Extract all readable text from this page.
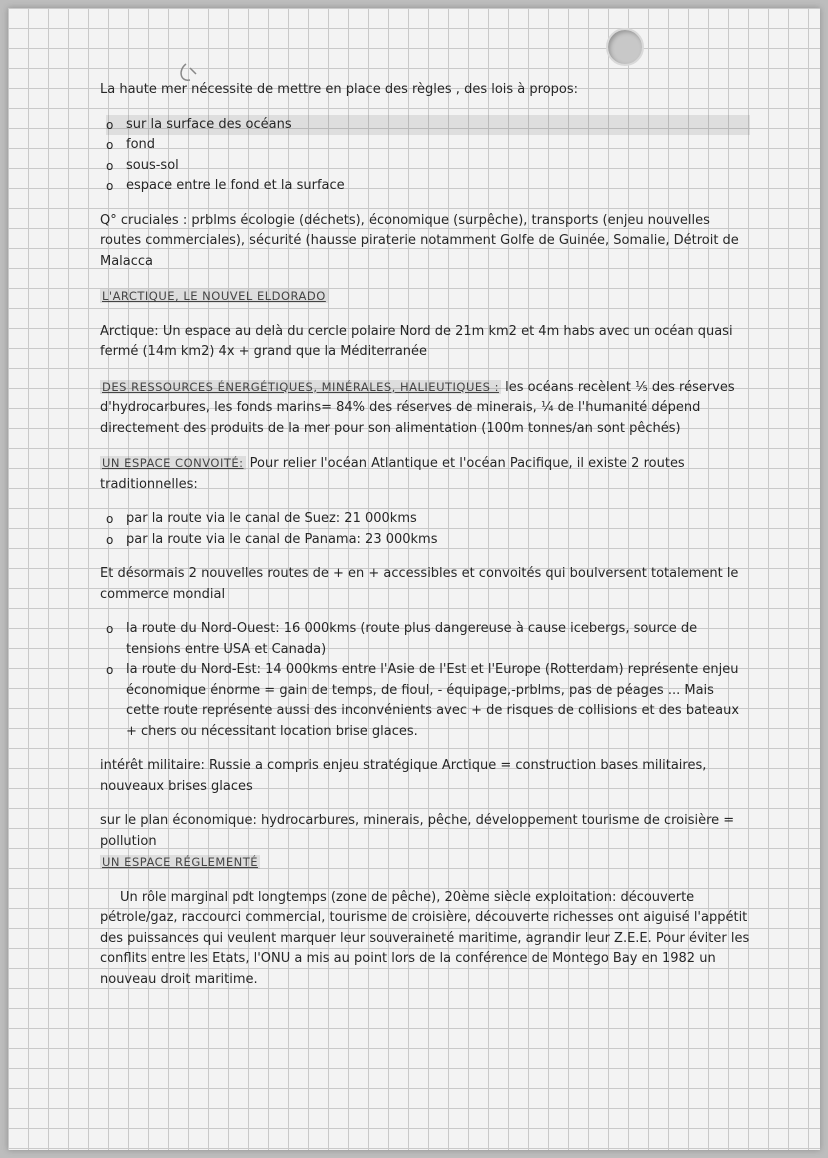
La haute mer nécessite de mettre en place des règles , des lois à propos:

o sur la surface des océans
o fond
o sous-sol
o espace entre le fond et la surface

Q° cruciales : prblms écologie (déchets), économique (surpêche), transports (enjeu nouvelles routes commerciales), sécurité (hausse piraterie notamment Golfe de Guinée, Somalie, Détroit de Malacca

L'ARCTIQUE, LE NOUVEL ELDORADO

Arctique: Un espace au delà du cercle polaire Nord de 21m km2 et 4m habs avec un océan quasi fermé (14m km2) 4x + grand que la Méditerranée

DES RESSOURCES ÉNERGÉTIQUES, MINÉRALES, HALIEUTIQUES : les océans recèlent ⅕ des réserves d'hydrocarbures, les fonds marins= 84% des réserves de minerais, ¼ de l'humanité dépend directement des produits de la mer pour son alimentation (100m tonnes/an sont pêchés)

UN ESPACE CONVOITÉ: Pour relier l'océan Atlantique et l'océan Pacifique, il existe 2 routes traditionnelles:

o par la route via le canal de Suez: 21 000kms
o par la route via le canal de Panama: 23 000kms

Et désormais 2 nouvelles routes de + en + accessibles et convoités qui boulversent totalement le commerce mondial

o la route du Nord-Ouest: 16 000kms (route plus dangereuse à cause icebergs, source de tensions entre USA et Canada)
o la route du Nord-Est: 14 000kms entre l'Asie de l'Est et l'Europe (Rotterdam) représente enjeu économique énorme = gain de temps, de fioul, - équipage,-prblms, pas de péages ... Mais cette route représente aussi des inconvénients avec + de risques de collisions et des bateaux + chers ou nécessitant location brise glaces.

intérêt militaire: Russie a compris enjeu stratégique Arctique = construction bases militaires, nouveaux brises glaces

sur le plan économique: hydrocarbures, minerais, pêche, développement tourisme de croisière = pollution

UN ESPACE RÉGLEMENTÉ

Un rôle marginal pdt longtemps (zone de pêche), 20ème siècle exploitation: découverte pétrole/gaz, raccourci commercial, tourisme de croisière, découverte richesses ont aiguisé l'appétit des puissances qui veulent marquer leur souveraineté maritime, agrandir leur Z.E.E. Pour éviter les conflits entre les Etats, l'ONU a mis au point lors de la conférence de Montego Bay en 1982 un nouveau droit maritime.
